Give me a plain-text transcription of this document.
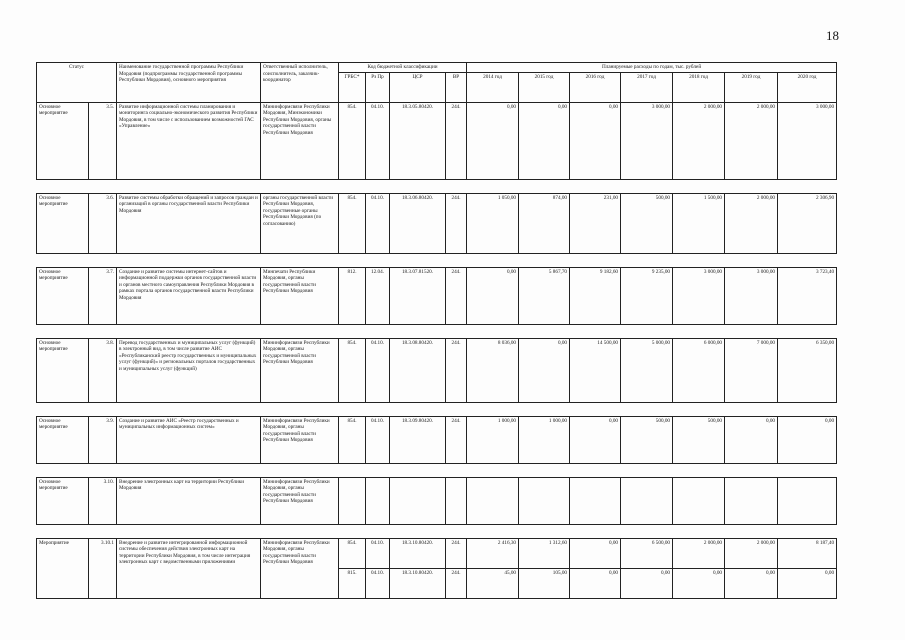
18
Статус		Наименование государственной программы Республики Мордовия (подпрограммы государственной программы Республики Мордовия), основного мероприятия	Ответственный исполнитель, соисполнитель, заказчик-координатор	Код бюджетной классификации				Планируемые расходы по годам, тыс. рублей						
				ГРБС*	Рз Пр	ЦСР	ВР	2014 год	2015 год	2016 год	2017 год	2018 год	2019 год	2020 год
Основное мероприятие	3.5.	Развитие информационной системы планирования и мониторинга социально-экономического развития Республики Мордовия, в том числе с использованием возможностей ГАС «Управление»	Мининформсвязи Республики Мордовия, Минэкономики Республики Мордовия, органы государственной власти Республики Мордовия	854.	04.10.	18.3.05.80420.	244.	0,00	0,00	0,00	3 000,00	2 000,00	2 000,00	3 000,00

Основное мероприятие	3.6.	Развитие системы обработки обращений и запросов граждан и организаций в органы государственной власти Республики Мордовия	органы государственной власти Республики Мордовия, государственные органы Республики Мордовия (по согласованию)	854.	04.10.	18.3.06.80420.	244.	1 050,00	874,00	231,00	500,00	1 500,00	2 000,00	2 306,90

Основное мероприятие	3.7.	Создание и развитие системы интернет-сайтов и информационной поддержки органов государственной власти и органов местного самоуправления Республики Мордовия в рамках портала органов государственной власти Республики Мордовия	Минпечати Республики Мордовия, органы государственной власти Республики Мордовия	812.	12.04.	18.3.07.81520.	244.	0,00	5 867,70	9 182,60	9 235,00	3 000,00	3 000,00	3 723,40

Основное мероприятие	3.8.	Перевод государственных и муниципальных услуг (функций) в электронный вид, в том числе развитие АИС «Республиканский реестр государственных и муниципальных услуг (функций)» и региональных порталов государственных и муниципальных услуг (функций)	Мининформсвязи Республики Мордовия, органы государственной власти Республики Мордовия	854.	04.10.	18.3.08.80420.	244.	8 036,00	0,00	14 500,00	5 000,00	6 000,00	7 000,00	6 350,00

Основное мероприятие	3.9.	Создание и развитие АИС «Реестр государственных и муниципальных информационных систем»	Мининформсвязи Республики Мордовия, органы государственной власти Республики Мордовия	854.	04.10.	18.3.09.80420.	244.	1 000,00	1 000,00	0,00	500,00	500,00	0,00	0,00

Основное мероприятие	3.10.	Внедрение электронных карт на территории Республики Мордовия	Мининформсвязи Республики Мордовия, органы государственной власти Республики Мордовия											

Мероприятие	3.10.1	Внедрение и развитие интегрированной информационной системы обеспечения действия электронных карт на территории Республики Мордовия, в том числе интеграция электронных карт с ведомственными приложениями	Мининформсвязи Республики Мордовия, органы государственной власти Республики Мордовия	854.	04.10.	18.3.10.80420.	244.	2 416,30	1 312,60	0,00	6 500,00	2 000,00	2 000,00	8 187,40
				815.	04.10.	18.3.10.80420.	244.	45,00	105,00	0,00	0,00	0,00	0,00	0,00
